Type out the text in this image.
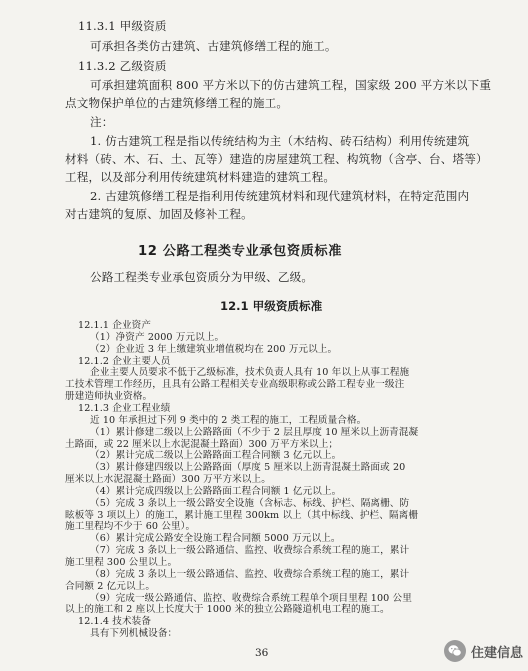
11.3.1 甲级资质
可承担各类仿古建筑、古建筑修缮工程的施工。
11.3.2 乙级资质
可承担建筑面积 800 平方米以下的仿古建筑工程，国家级 200 平方米以下重
点文物保护单位的古建筑修缮工程的施工。
注：
1. 仿古建筑工程是指以传统结构为主（木结构、砖石结构）利用传统建筑
材料（砖、木、石、土、瓦等）建造的房屋建筑工程、构筑物（含亭、台、塔等）
工程，以及部分利用传统建筑材料建造的建筑工程。
2. 古建筑修缮工程是指利用传统建筑材料和现代建筑材料，在特定范围内
对古建筑的复原、加固及修补工程。
12 公路工程类专业承包资质标准
公路工程类专业承包资质分为甲级、乙级。
12.1 甲级资质标准
12.1.1 企业资产
（1）净资产 2000 万元以上。
（2）企业近 3 年上缴建筑业增值税均在 200 万元以上。
12.1.2 企业主要人员
企业主要人员要求不低于乙级标准，技术负责人具有 10 年以上从事工程施
工技术管理工作经历，且具有公路工程相关专业高级职称或公路工程专业一级注
册建造师执业资格。
12.1.3 企业工程业绩
近 10 年承担过下列 9 类中的 2 类工程的施工，工程质量合格。
（1）累计修建二级以上公路路面（不少于 2 层且厚度 10 厘米以上沥青混凝
土路面，或 22 厘米以上水泥混凝土路面）300 万平方米以上；
（2）累计完成二级以上公路路面工程合同额 3 亿元以上。
（3）累计修建四级以上公路路面（厚度 5 厘米以上沥青混凝土路面或 20
厘米以上水泥混凝土路面）300 万平方米以上。
（4）累计完成四级以上公路路面工程合同额 1 亿元以上。
（5）完成 3 条以上一级公路安全设施（含标志、标线、护栏、隔离栅、防
眩板等 3 项以上）的施工，累计施工里程 300km 以上（其中标线、护栏、隔离栅
施工里程均不少于 60 公里）。
（6）累计完成公路安全设施工程合同额 5000 万元以上。
（7）完成 3 条以上一级公路通信、监控、收费综合系统工程的施工，累计
施工里程 300 公里以上。
（8）完成 3 条以上一级公路通信、监控、收费综合系统工程的施工，累计
合同额 2 亿元以上。
（9）完成一级公路通信、监控、收费综合系统工程单个项目里程 100 公里
以上的施工和 2 座以上长度大于 1000 米的独立公路隧道机电工程的施工。
12.1.4 技术装备
具有下列机械设备：
36	住建信息
